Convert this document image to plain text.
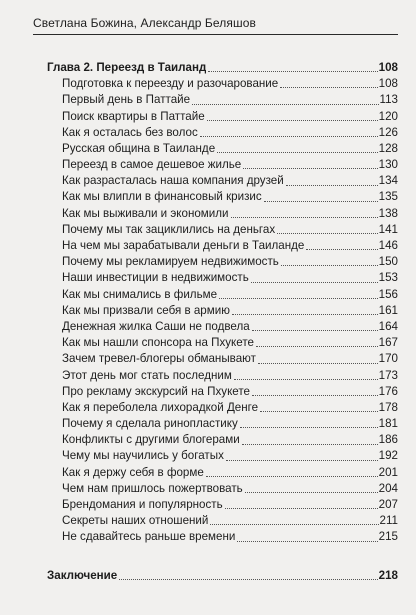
Светлана Божина, Александр Беляшов
Глава 2. Переезд в Таиланд	108
Подготовка к переезду и разочарование	108
Первый день в Паттайе	113
Поиск квартиры в Паттайе	120
Как я осталась без волос	126
Русская община в Таиланде	128
Переезд в самое дешевое жилье	130
Как разрасталась наша компания друзей	134
Как мы влипли в финансовый кризис	135
Как мы выживали и экономили	138
Почему мы так зациклились на деньгах	141
На чем мы зарабатывали деньги в Таиланде	146
Почему мы рекламируем недвижимость	150
Наши инвестиции в недвижимость	153
Как мы снимались в фильме	156
Как мы призвали себя в армию	161
Денежная жилка Саши не подвела	164
Как мы нашли спонсора на Пхукете	167
Зачем тревел-блогеры обманывают	170
Этот день мог стать последним	173
Про рекламу экскурсий на Пхукете	176
Как я переболела лихорадкой Денге	178
Почему я сделала ринопластику	181
Конфликты с другими блогерами	186
Чему мы научились у богатых	192
Как я держу себя в форме	201
Чем нам пришлось пожертвовать	204
Брендомания и популярность	207
Секреты наших отношений	211
Не сдавайтесь раньше времени	215
Заключение	218
